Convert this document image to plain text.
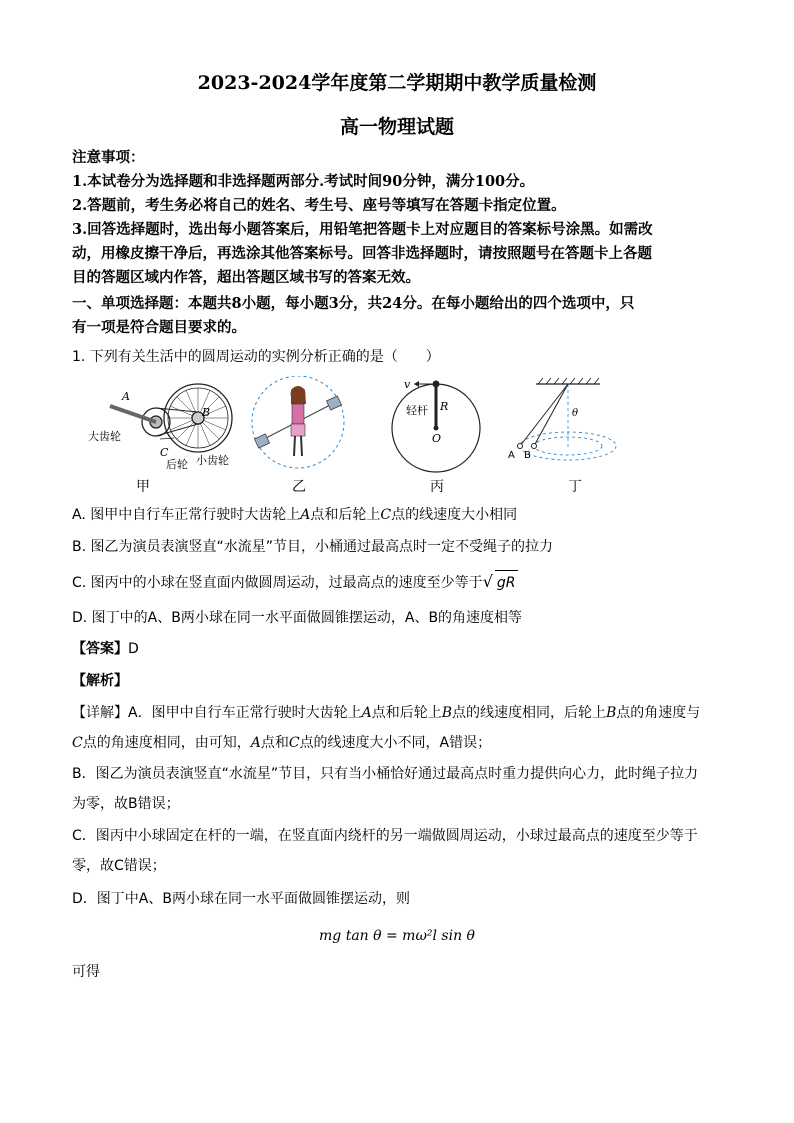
2023-2024学年度第二学期期中教学质量检测
高一物理试题
注意事项：
1.本试卷分为选择题和非选择题两部分.考试时间90分钟，满分100分。
2.答题前，考生务必将自己的姓名、考生号、座号等填写在答题卡指定位置。
3.回答选择题时，选出每小题答案后，用铅笔把答题卡上对应题目的答案标号涂黑。如需改
动，用橡皮擦干净后，再选涂其他答案标号。回答非选择题时，请按照题号在答题卡上各题
目的答题区域内作答，超出答题区域书写的答案无效。
一、单项选择题：本题共8小题，每小题3分，共24分。在每小题给出的四个选项中，只
有一项是符合题目要求的。
1. 下列有关生活中的圆周运动的实例分析正确的是（　　）
A
B
C
大齿轮
后轮 小齿轮
v
轻杆 R
O
θ
A B
甲	乙	丙	丁
A. 图甲中自行车正常行驶时大齿轮上A点和后轮上C点的线速度大小相同
B. 图乙为演员表演竖直“水流星”节目，小桶通过最高点时一定不受绳子的拉力
C. 图丙中的小球在竖直面内做圆周运动，过最高点的速度至少等于√ gR
D. 图丁中的A、B两小球在同一水平面做圆锥摆运动，A、B的角速度相等
【答案】D
【解析】
【详解】A．图甲中自行车正常行驶时大齿轮上A点和后轮上B点的线速度相同，后轮上B点的角速度与
C点的角速度相同，由可知，A点和C点的线速度大小不同，A错误；
B．图乙为演员表演竖直“水流星”节目，只有当小桶恰好通过最高点时重力提供向心力，此时绳子拉力
为零，故B错误；
C．图丙中小球固定在杆的一端，在竖直面内绕杆的另一端做圆周运动，小球过最高点的速度至少等于
零，故C错误；
D．图丁中A、B两小球在同一水平面做圆锥摆运动，则
mg tan θ = mω²l sin θ
可得
